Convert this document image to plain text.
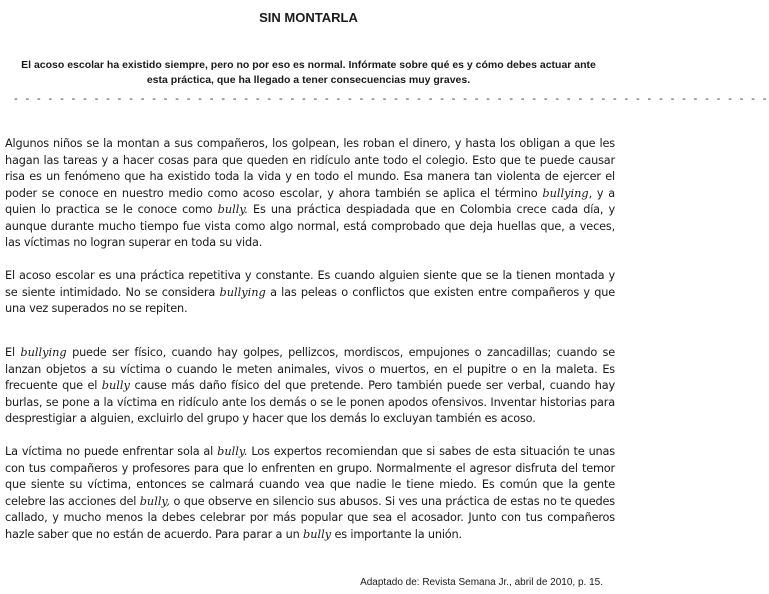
SIN MONTARLA
El acoso escolar ha existido siempre, pero no por eso es normal. Infórmate sobre qué es y cómo debes actuar ante esta práctica, que ha llegado a tener consecuencias muy graves.
- - - - - - - - - - - - - - - - - - - - - - - - - - - - - - - - - - - - - - - - - - - - - - - - - - - - - - - - - - - - - - - - - -

Algunos niños se la montan a sus compañeros, los golpean, les roban el dinero, y hasta los obligan a que les hagan las tareas y a hacer cosas para que queden en ridículo ante todo el colegio. Esto que te puede causar risa es un fenómeno que ha existido toda la vida y en todo el mundo. Esa manera tan violenta de ejercer el poder se conoce en nuestro medio como acoso escolar, y ahora también se aplica el término bullying, y a quien lo practica se le conoce como bully. Es una práctica despiadada que en Colombia crece cada día, y aunque durante mucho tiempo fue vista como algo normal, está comprobado que deja huellas que, a veces, las víctimas no logran superar en toda su vida.

El acoso escolar es una práctica repetitiva y constante. Es cuando alguien siente que se la tienen montada y se siente intimidado. No se considera bullying a las peleas o conflictos que existen entre compañeros y que una vez superados no se repiten.

El bullying puede ser físico, cuando hay golpes, pellizcos, mordiscos, empujones o zancadillas; cuando se lanzan objetos a su víctima o cuando le meten animales, vivos o muertos, en el pupitre o en la maleta. Es frecuente que el bully cause más daño físico del que pretende. Pero también puede ser verbal, cuando hay burlas, se pone a la víctima en ridículo ante los demás o se le ponen apodos ofensivos. Inventar historias para desprestigiar a alguien, excluirlo del grupo y hacer que los demás lo excluyan también es acoso.

La víctima no puede enfrentar sola al bully. Los expertos recomiendan que si sabes de esta situación te unas con tus compañeros y profesores para que lo enfrenten en grupo. Normalmente el agresor disfruta del temor que siente su víctima, entonces se calmará cuando vea que nadie le tiene miedo. Es común que la gente celebre las acciones del bully, o que observe en silencio sus abusos. Si ves una práctica de estas no te quedes callado, y mucho menos la debes celebrar por más popular que sea el acosador. Junto con tus compañeros hazle saber que no están de acuerdo. Para parar a un bully es importante la unión.

Adaptado de: Revista Semana Jr., abril de 2010, p. 15.
